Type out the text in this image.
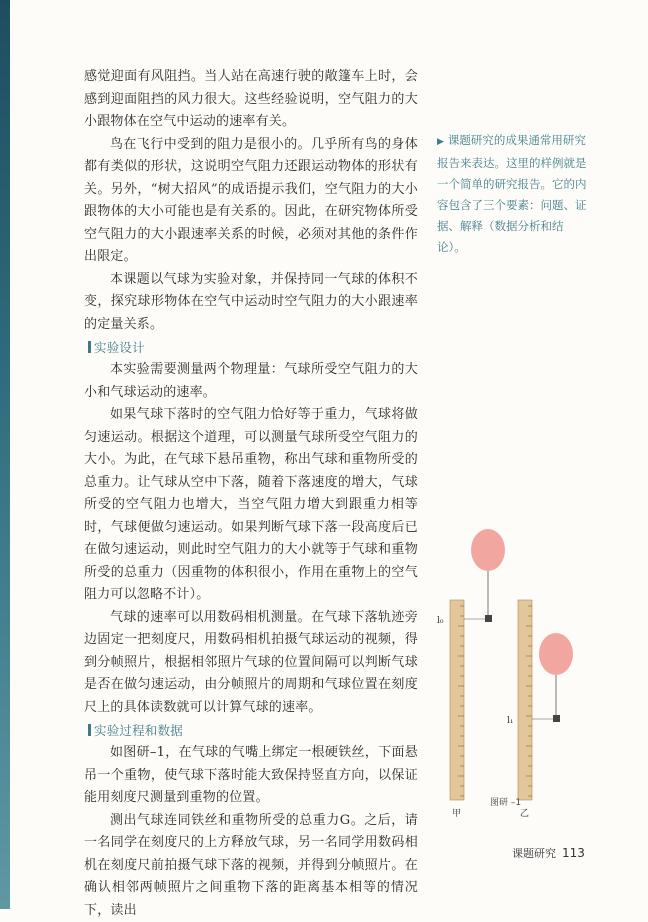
感觉迎面有风阻挡。当人站在高速行驶的敞篷车上时，会感到迎面阻挡的风力很大。这些经验说明，空气阻力的大小跟物体在空气中运动的速率有关。

鸟在飞行中受到的阻力是很小的。几乎所有鸟的身体都有类似的形状，这说明空气阻力还跟运动物体的形状有关。另外，“树大招风”的成语提示我们，空气阻力的大小跟物体的大小可能也是有关系的。因此，在研究物体所受空气阻力的大小跟速率关系的时候，必须对其他的条件作出限定。

本课题以气球为实验对象，并保持同一气球的体积不变，探究球形物体在空气中运动时空气阻力的大小跟速率的定量关系。

实验设计

本实验需要测量两个物理量：气球所受空气阻力的大小和气球运动的速率。

如果气球下落时的空气阻力恰好等于重力，气球将做匀速运动。根据这个道理，可以测量气球所受空气阻力的大小。为此，在气球下悬吊重物，称出气球和重物所受的总重力。让气球从空中下落，随着下落速度的增大，气球所受的空气阻力也增大，当空气阻力增大到跟重力相等时，气球便做匀速运动。如果判断气球下落一段高度后已在做匀速运动，则此时空气阻力的大小就等于气球和重物所受的总重力（因重物的体积很小，作用在重物上的空气阻力可以忽略不计）。

气球的速率可以用数码相机测量。在气球下落轨迹旁边固定一把刻度尺，用数码相机拍摄气球运动的视频，得到分帧照片，根据相邻照片气球的位置间隔可以判断气球是否在做匀速运动，由分帧照片的周期和气球位置在刻度尺上的具体读数就可以计算气球的速率。

实验过程和数据

如图研–1，在气球的气嘴上绑定一根硬铁丝，下面悬吊一个重物，使气球下落时能大致保持竖直方向，以保证能用刻度尺测量到重物的位置。

测出气球连同铁丝和重物所受的总重力G。之后，请一名同学在刻度尺的上方释放气球，另一名同学用数码相机在刻度尺前拍摄气球下落的视频，并得到分帧照片。在确认相邻两帧照片之间重物下落的距离基本相等的情况下，读出

▶ 课题研究的成果通常用研究报告来表达。这里的样例就是一个简单的研究报告。它的内容包含了三个要素：问题、证据、解释（数据分析和结论）。
l₀
甲
l₁
乙
图研 –1
课题研究 113
